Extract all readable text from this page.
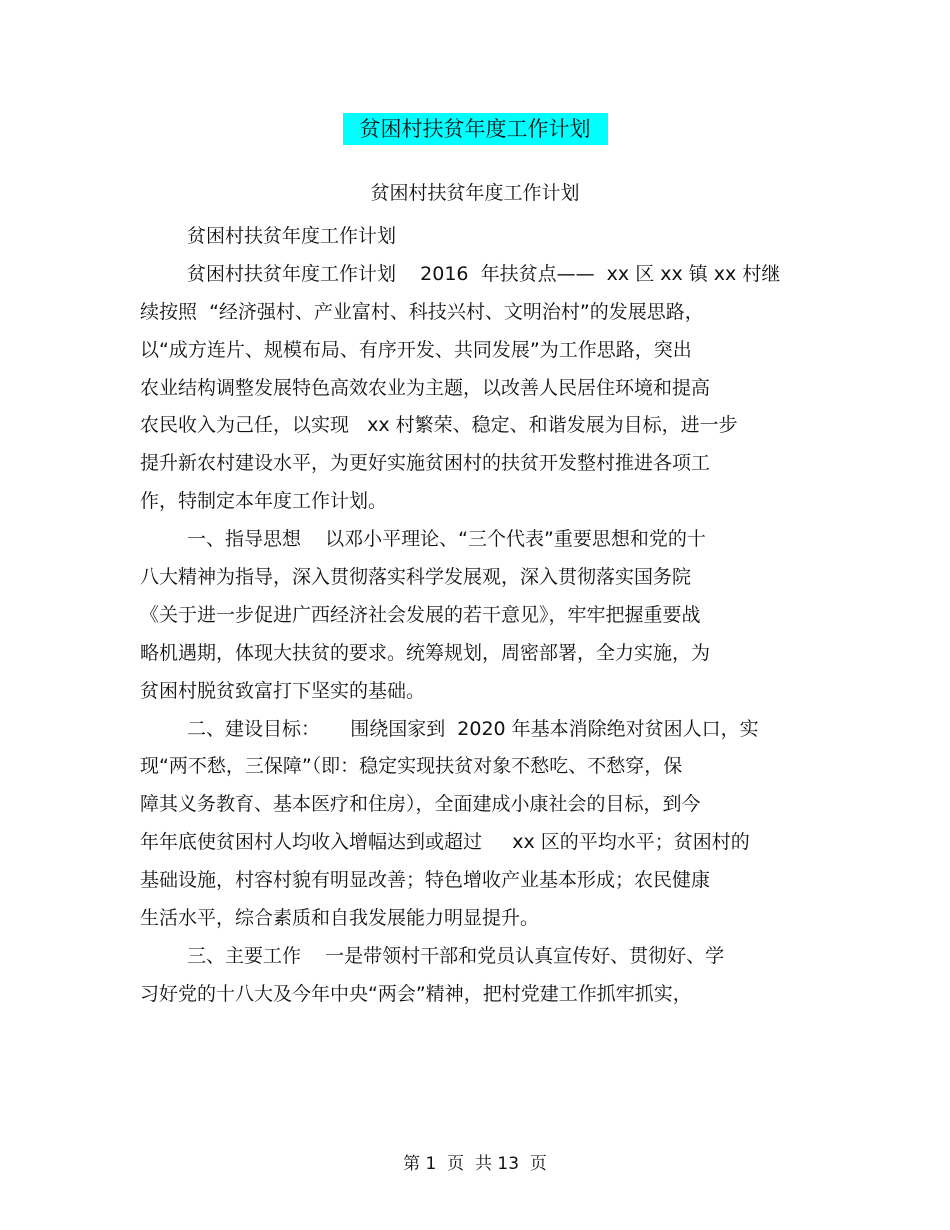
贫困村扶贫年度工作计划
贫困村扶贫年度工作计划
贫困村扶贫年度工作计划
贫困村扶贫年度工作计划    2016  年扶贫点——  xx 区 xx 镇 xx 村继
续按照  “经济强村、产业富村、科技兴村、文明治村”的发展思路，
以“成方连片、规模布局、有序开发、共同发展”为工作思路，突出
农业结构调整发展特色高效农业为主题，以改善人民居住环境和提高
农民收入为己任，以实现   xx 村繁荣、稳定、和谐发展为目标，进一步
提升新农村建设水平，为更好实施贫困村的扶贫开发整村推进各项工
作，特制定本年度工作计划。
一、指导思想    以邓小平理论、“三个代表”重要思想和党的十
八大精神为指导，深入贯彻落实科学发展观，深入贯彻落实国务院
《关于进一步促进广西经济社会发展的若干意见》，牢牢把握重要战
略机遇期，体现大扶贫的要求。统筹规划，周密部署，全力实施，为
贫困村脱贫致富打下坚实的基础。
二、建设目标：     围绕国家到  2020 年基本消除绝对贫困人口，实
现“两不愁，三保障”（即：稳定实现扶贫对象不愁吃、不愁穿，保
障其义务教育、基本医疗和住房），全面建成小康社会的目标，到今
年年底使贫困村人均收入增幅达到或超过     xx 区的平均水平；贫困村的
基础设施，村容村貌有明显改善；特色增收产业基本形成；农民健康
生活水平，综合素质和自我发展能力明显提升。
三、主要工作    一是带领村干部和党员认真宣传好、贯彻好、学
习好党的十八大及今年中央“两会”精神，把村党建工作抓牢抓实，
第 1  页  共 13  页
